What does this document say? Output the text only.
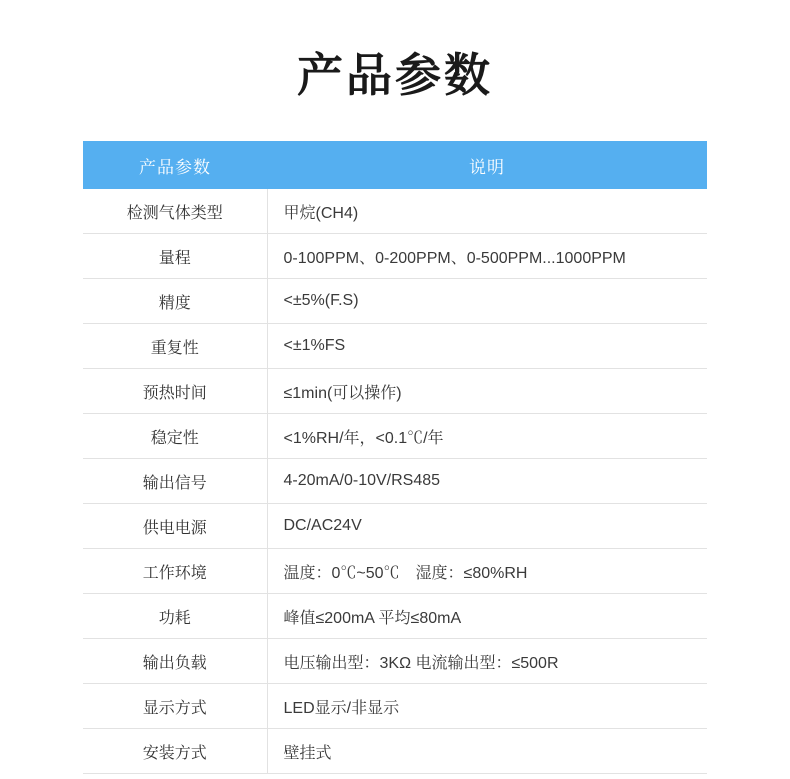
产品参数
产品参数	说明
检测气体类型	甲烷(CH4)
量程	0-100PPM、0-200PPM、0-500PPM...1000PPM
精度	<±5%(F.S)
重复性	<±1%FS
预热时间	≤1min(可以操作)
稳定性	<1%RH/年，<0.1℃/年
输出信号	4-20mA/0-10V/RS485
供电电源	DC/AC24V
工作环境	温度：0℃~50℃　湿度：≤80%RH
功耗	峰值≤200mA 平均≤80mA
输出负载	电压输出型：3KΩ 电流输出型：≤500R
显示方式	LED显示/非显示
安装方式	壁挂式
